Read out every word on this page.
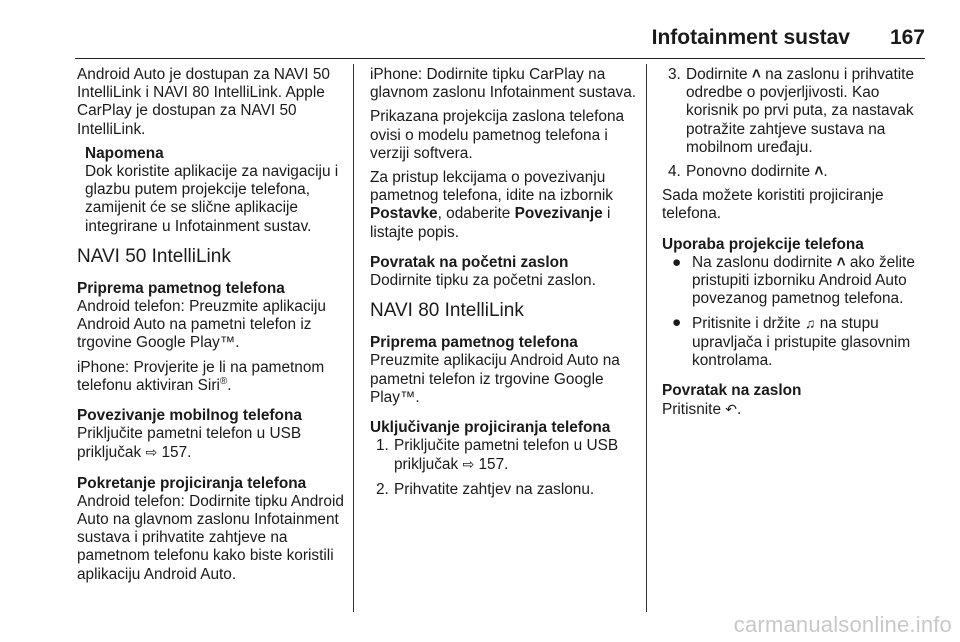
Infotainment sustav 167

Android Auto je dostupan za NAVI 50 IntelliLink i NAVI 80 IntelliLink. Apple CarPlay je dostupan za NAVI 50 IntelliLink.

Napomena
Dok koristite aplikacije za navigaciju i glazbu putem projekcije telefona, zamijenit će se slične aplikacije integrirane u Infotainment sustav.
NAVI 50 IntelliLink

Priprema pametnog telefona

Android telefon: Preuzmite aplikaciju Android Auto na pametni telefon iz trgovine Google Play™.

iPhone: Provjerite je li na pametnom telefonu aktiviran Siri®.

Povezivanje mobilnog telefona

Priključite pametni telefon u USB priključak ⇨ 157.

Pokretanje projiciranja telefona

Android telefon: Dodirnite tipku Android Auto na glavnom zaslonu Infotainment sustava i prihvatite zahtjeve na pametnom telefonu kako biste koristili aplikaciju Android Auto.

iPhone: Dodirnite tipku CarPlay na glavnom zaslonu Infotainment sustava.

Prikazana projekcija zaslona telefona ovisi o modelu pametnog telefona i verziji softvera.

Za pristup lekcijama o povezivanju pametnog telefona, idite na izbornik Postavke, odaberite Povezivanje i listajte popis.

Povratak na početni zaslon

Dodirnite tipku za početni zaslon.

NAVI 80 IntelliLink

Priprema pametnog telefona

Preuzmite aplikaciju Android Auto na pametni telefon iz trgovine Google Play™.

Uključivanje projiciranja telefona

1. Priključite pametni telefon u USB priključak ⇨ 157.
2. Prihvatite zahtjev na zaslonu.
3. Dodirnite ˄ na zaslonu i prihvatite odredbe o povjerljivosti. Kao korisnik po prvi puta, za nastavak potražite zahtjeve sustava na mobilnom uređaju.
4. Ponovno dodirnite ˄.

Sada možete koristiti projiciranje telefona.

Uporaba projekcije telefona

● Na zaslonu dodirnite ˄ ako želite pristupiti izborniku Android Auto povezanog pametnog telefona.
● Pritisnite i držite ♫ na stupu upravljača i pristupite glasovnim kontrolama.

Povratak na zaslon

Pritisnite ↶.

carmanualsonline.info
